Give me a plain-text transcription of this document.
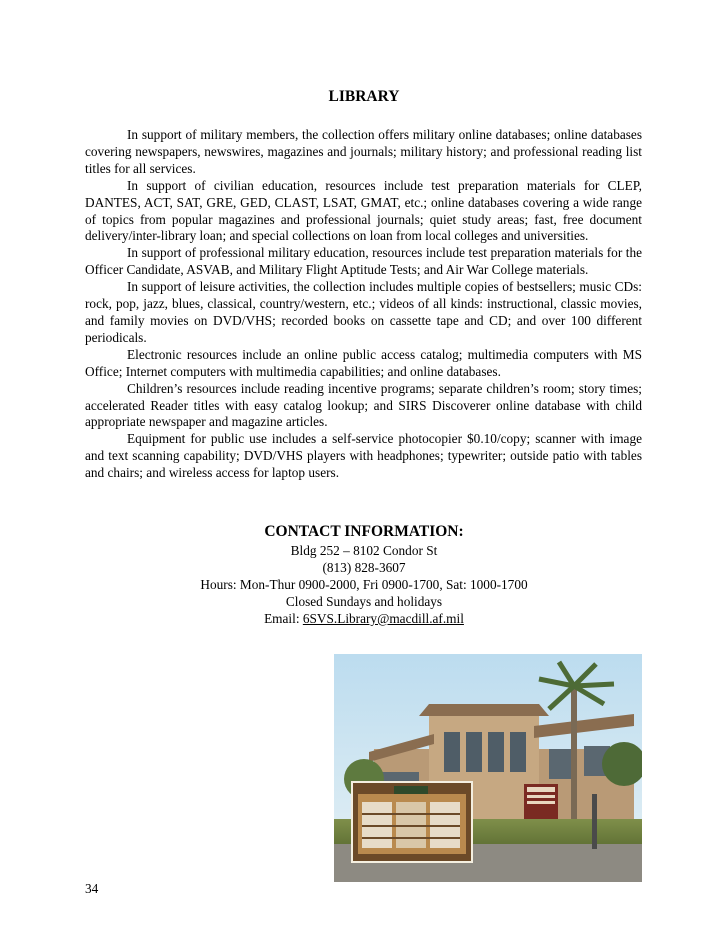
LIBRARY

In support of military members, the collection offers military online databases; online databases covering newspapers, newswires, magazines and journals; military history; and professional reading list titles for all services.

In support of civilian education, resources include test preparation materials for CLEP, DANTES, ACT, SAT, GRE, GED, CLAST, LSAT, GMAT, etc.; online databases covering a wide range of topics from popular magazines and professional journals; quiet study areas; fast, free document delivery/inter-library loan; and special collections on loan from local colleges and universities.

In support of professional military education, resources include test preparation materials for the Officer Candidate, ASVAB, and Military Flight Aptitude Tests; and Air War College materials.

In support of leisure activities, the collection includes multiple copies of bestsellers; music CDs: rock, pop, jazz, blues, classical, country/western, etc.; videos of all kinds: instructional, classic movies, and family movies on DVD/VHS; recorded books on cassette tape and CD; and over 100 different periodicals.

Electronic resources include an online public access catalog; multimedia computers with MS Office; Internet computers with multimedia capabilities; and online databases.

Children’s resources include reading incentive programs; separate children’s room; story times; accelerated Reader titles with easy catalog lookup; and SIRS Discoverer online database with child appropriate newspaper and magazine articles.

Equipment for public use includes a self-service photocopier $0.10/copy; scanner with image and text scanning capability; DVD/VHS players with headphones; typewriter; outside patio with tables and chairs; and wireless access for laptop users.

CONTACT INFORMATION:
Bldg 252 – 8102 Condor St
(813) 828-3607
Hours: Mon-Thur 0900-2000, Fri 0900-1700, Sat: 1000-1700
Closed Sundays and holidays
Email: 6SVS.Library@macdill.af.mil
34
